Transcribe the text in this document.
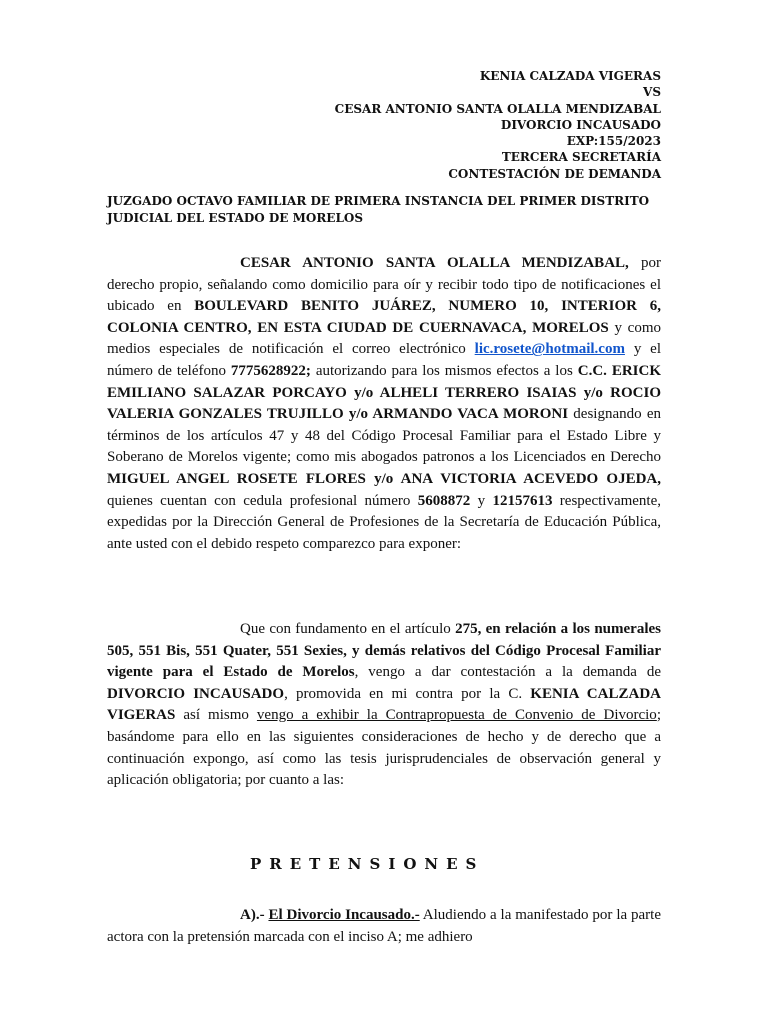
KENIA CALZADA VIGERAS
VS
CESAR ANTONIO SANTA OLALLA MENDIZABAL
DIVORCIO INCAUSADO
EXP:155/2023
TERCERA SECRETARÍA
CONTESTACIÓN DE DEMANDA
JUZGADO OCTAVO FAMILIAR DE PRIMERA INSTANCIA DEL PRIMER DISTRITO JUDICIAL DEL ESTADO DE MORELOS

CESAR ANTONIO SANTA OLALLA MENDIZABAL, por derecho propio, señalando como domicilio para oír y recibir todo tipo de notificaciones el ubicado en BOULEVARD BENITO JUÁREZ, NUMERO 10, INTERIOR 6, COLONIA CENTRO, EN ESTA CIUDAD DE CUERNAVACA, MORELOS y como medios especiales de notificación el correo electrónico lic.rosete@hotmail.com y el número de teléfono 7775628922; autorizando para los mismos efectos a los C.C. ERICK EMILIANO SALAZAR PORCAYO y/o ALHELI TERRERO ISAIAS y/o ROCIO VALERIA GONZALES TRUJILLO y/o ARMANDO VACA MORONI designando en términos de los artículos 47 y 48 del Código Procesal Familiar para el Estado Libre y Soberano de Morelos vigente; como mis abogados patronos a los Licenciados en Derecho MIGUEL ANGEL ROSETE FLORES y/o ANA VICTORIA ACEVEDO OJEDA, quienes cuentan con cedula profesional número 5608872 y 12157613 respectivamente, expedidas por la Dirección General de Profesiones de la Secretaría de Educación Pública, ante usted con el debido respeto comparezco para exponer:

Que con fundamento en el artículo 275, en relación a los numerales 505, 551 Bis, 551 Quater, 551 Sexies, y demás relativos del Código Procesal Familiar vigente para el Estado de Morelos, vengo a dar contestación a la demanda de DIVORCIO INCAUSADO, promovida en mi contra por la C. KENIA CALZADA VIGERAS así mismo vengo a exhibir la Contrapropuesta de Convenio de Divorcio; basándome para ello en las siguientes consideraciones de hecho y de derecho que a continuación expongo, así como las tesis jurisprudenciales de observación general y aplicación obligatoria; por cuanto a las:

PRETENSIONES

A).- El Divorcio Incausado.- Aludiendo a la manifestado por la parte actora con la pretensión marcada con el inciso A; me adhiero
